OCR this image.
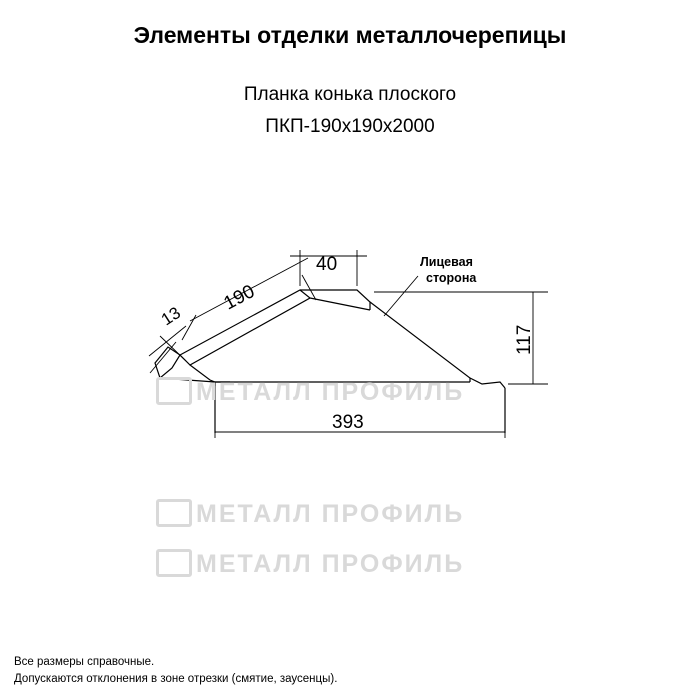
Элементы отделки металлочерепицы
Планка конька плоского
ПКП-190х190х2000
МЕТАЛЛ ПРОФИЛЬ
МЕТАЛЛ ПРОФИЛЬ
МЕТАЛЛ ПРОФИЛЬ
13
190
40	Лицевая
сторона
117
393
Все размеры справочные.
Допускаются отклонения в зоне отрезки (смятие, заусенцы).
